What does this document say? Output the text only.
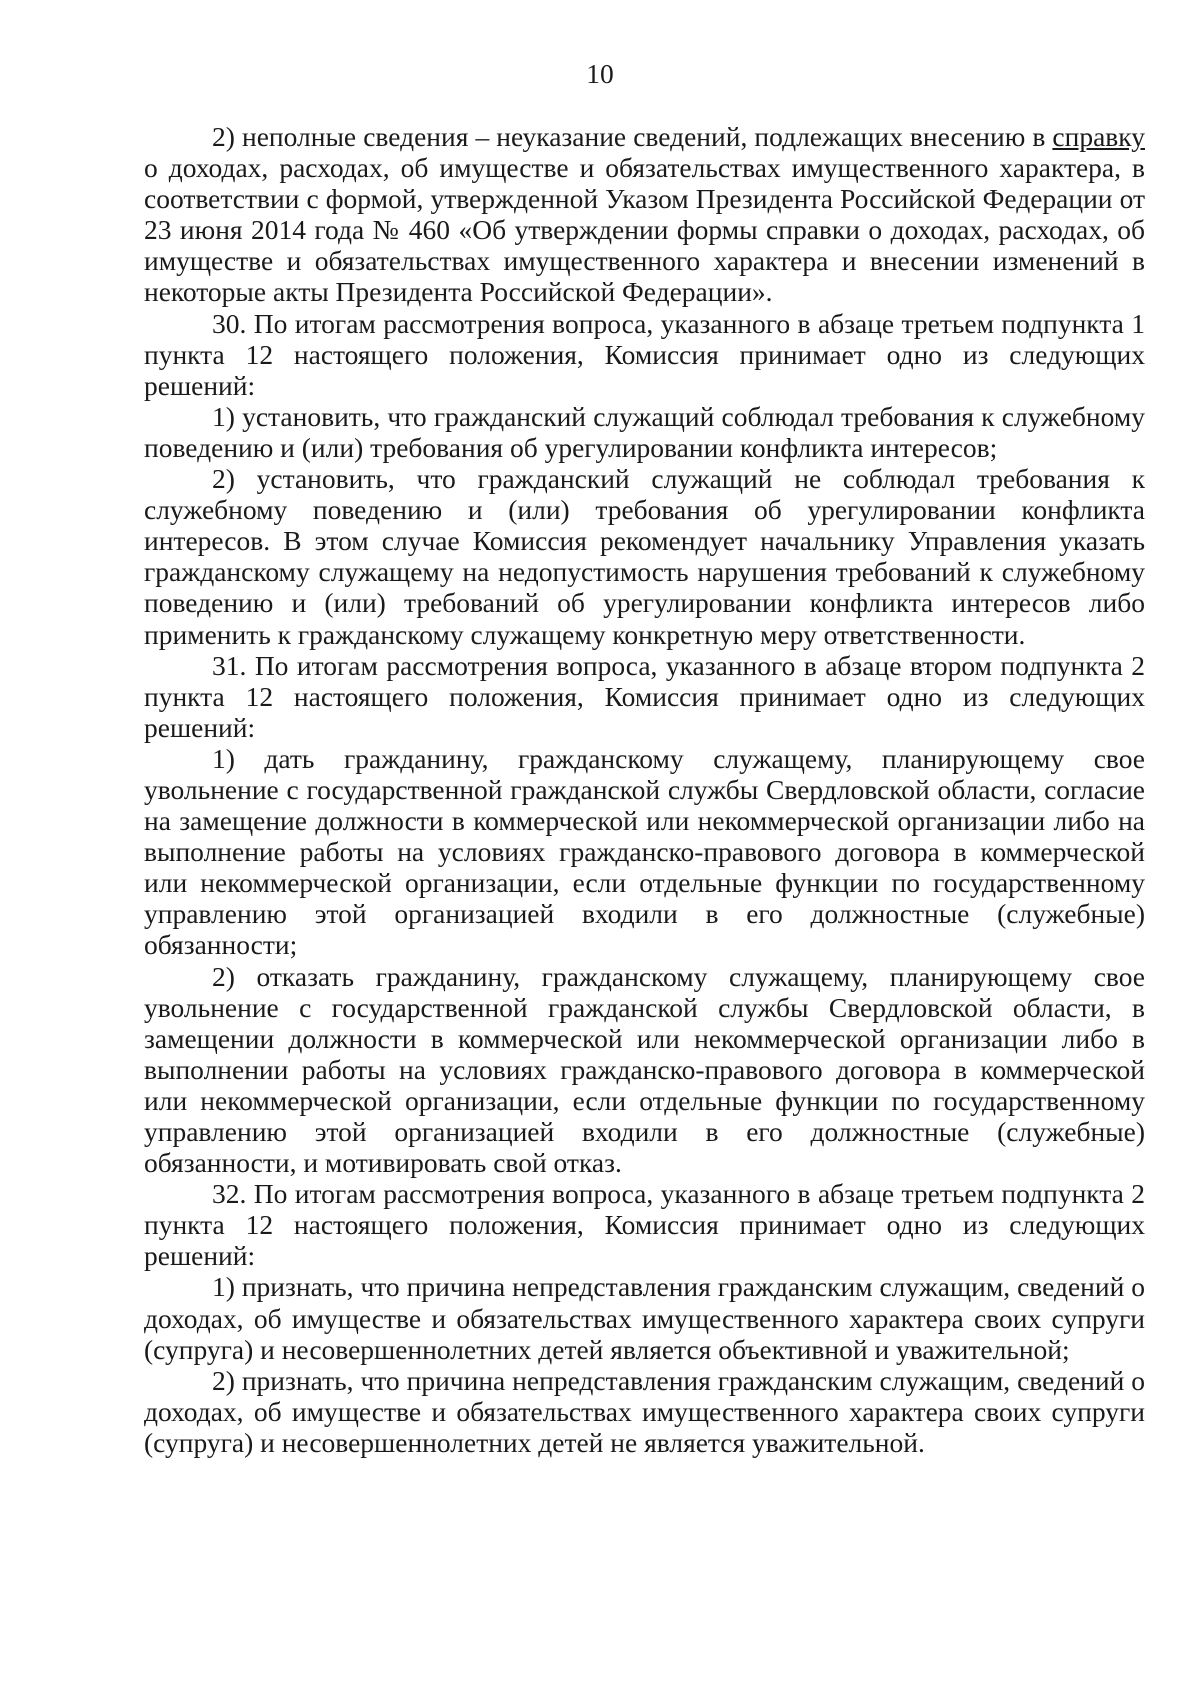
10

2) неполные сведения – неуказание сведений, подлежащих внесению в справку о доходах, расходах, об имуществе и обязательствах имущественного характера, в соответствии с формой, утвержденной Указом Президента Российской Федерации от 23 июня 2014 года № 460 «Об утверждении формы справки о доходах, расходах, об имуществе и обязательствах имущественного характера и внесении изменений в некоторые акты Президента Российской Федерации».

30. По итогам рассмотрения вопроса, указанного в абзаце третьем подпункта 1 пункта 12 настоящего положения, Комиссия принимает одно из следующих решений:

1) установить, что гражданский служащий соблюдал требования к служебному поведению и (или) требования об урегулировании конфликта интересов;

2) установить, что гражданский служащий не соблюдал требования к служебному поведению и (или) требования об урегулировании конфликта интересов. В этом случае Комиссия рекомендует начальнику Управления указать гражданскому служащему на недопустимость нарушения требований к служебному поведению и (или) требований об урегулировании конфликта интересов либо применить к гражданскому служащему конкретную меру ответственности.

31. По итогам рассмотрения вопроса, указанного в абзаце втором подпункта 2 пункта 12 настоящего положения, Комиссия принимает одно из следующих решений:

1) дать гражданину, гражданскому служащему, планирующему свое увольнение с государственной гражданской службы Свердловской области, согласие на замещение должности в коммерческой или некоммерческой организации либо на выполнение работы на условиях гражданско-правового договора в коммерческой или некоммерческой организации, если отдельные функции по государственному управлению этой организацией входили в его должностные (служебные) обязанности;

2) отказать гражданину, гражданскому служащему, планирующему свое увольнение с государственной гражданской службы Свердловской области, в замещении должности в коммерческой или некоммерческой организации либо в выполнении работы на условиях гражданско-правового договора в коммерческой или некоммерческой организации, если отдельные функции по государственному управлению этой организацией входили в его должностные (служебные) обязанности, и мотивировать свой отказ.

32. По итогам рассмотрения вопроса, указанного в абзаце третьем подпункта 2 пункта 12 настоящего положения, Комиссия принимает одно из следующих решений:

1) признать, что причина непредставления гражданским служащим, сведений о доходах, об имуществе и обязательствах имущественного характера своих супруги (супруга) и несовершеннолетних детей является объективной и уважительной;

2) признать, что причина непредставления гражданским служащим, сведений о доходах, об имуществе и обязательствах имущественного характера своих супруги (супруга) и несовершеннолетних детей не является уважительной.
